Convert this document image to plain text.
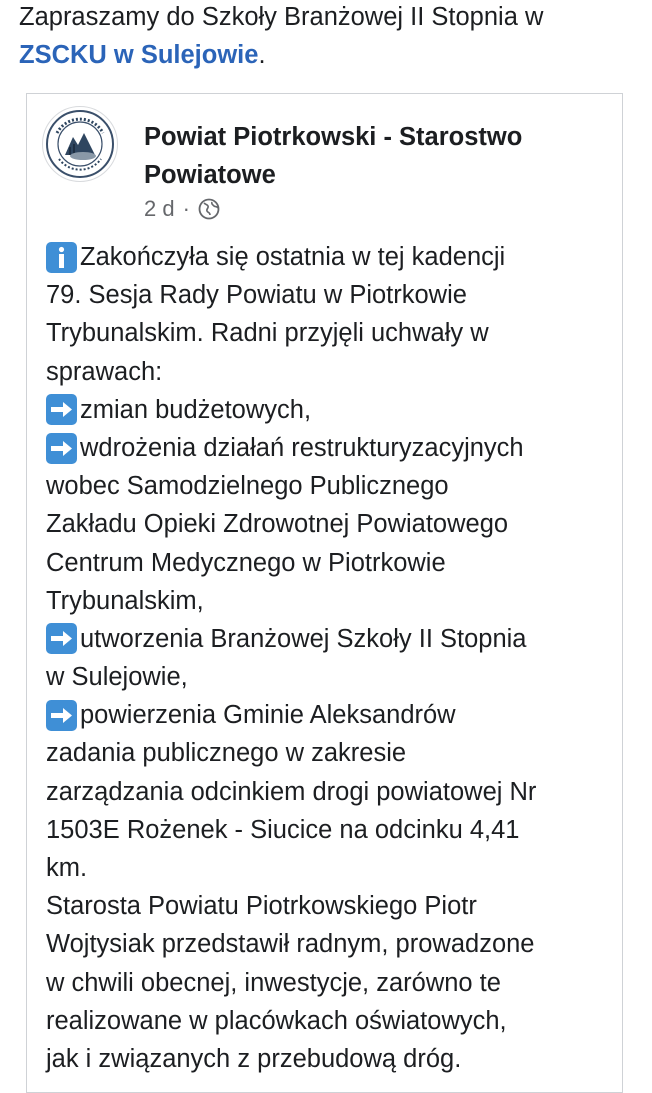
Zapraszamy do Szkoły Branżowej II Stopnia w
ZSCKU w Sulejowie.
Powiat Piotrkowski - Starostwo
Powiatowe
2 d ·
Zakończyła się ostatnia w tej kadencji
79. Sesja Rady Powiatu w Piotrkowie
Trybunalskim. Radni przyjęli uchwały w
sprawach:
zmian budżetowych,
wdrożenia działań restrukturyzacyjnych
wobec Samodzielnego Publicznego
Zakładu Opieki Zdrowotnej Powiatowego
Centrum Medycznego w Piotrkowie
Trybunalskim,
utworzenia Branżowej Szkoły II Stopnia
w Sulejowie,
powierzenia Gminie Aleksandrów
zadania publicznego w zakresie
zarządzania odcinkiem drogi powiatowej Nr
1503E Rożenek - Siucice na odcinku 4,41
km.
Starosta Powiatu Piotrkowskiego Piotr
Wojtysiak przedstawił radnym, prowadzone
w chwili obecnej, inwestycje, zarówno te
realizowane w placówkach oświatowych,
jak i związanych z przebudową dróg.
